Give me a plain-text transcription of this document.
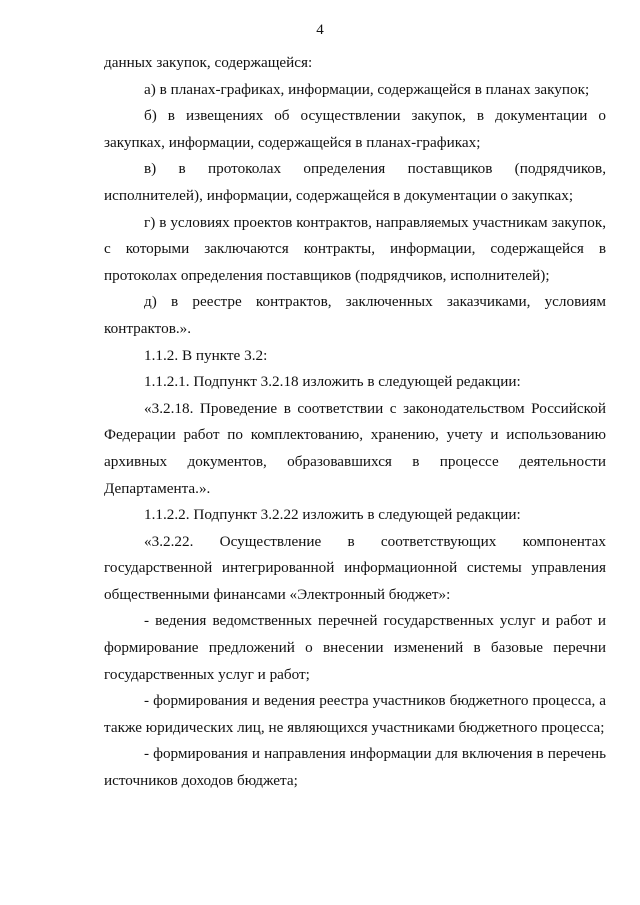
4

данных закупок, содержащейся:

а) в планах-графиках, информации, содержащейся в планах закупок;

б) в извещениях об осуществлении закупок, в документации о закупках, информации, содержащейся в планах-графиках;

в) в протоколах определения поставщиков (подрядчиков, исполнителей), информации, содержащейся в документации о закупках;

г) в условиях проектов контрактов, направляемых участникам закупок, с которыми заключаются контракты, информации, содержащейся в протоколах определения поставщиков (подрядчиков, исполнителей);

д) в реестре контрактов, заключенных заказчиками, условиям контрактов.».

1.1.2. В пункте 3.2:

1.1.2.1. Подпункт 3.2.18 изложить в следующей редакции:

«3.2.18. Проведение в соответствии с законодательством Российской Федерации работ по комплектованию, хранению, учету и использованию архивных документов, образовавшихся в процессе деятельности Департамента.».

1.1.2.2. Подпункт 3.2.22 изложить в следующей редакции:

«3.2.22. Осуществление в соответствующих компонентах государственной интегрированной информационной системы управления общественными финансами «Электронный бюджет»:

- ведения ведомственных перечней государственных услуг и работ и формирование предложений о внесении изменений в базовые перечни государственных услуг и работ;

- формирования и ведения реестра участников бюджетного процесса, а также юридических лиц, не являющихся участниками бюджетного процесса;

- формирования и направления информации для включения в перечень источников доходов бюджета;
